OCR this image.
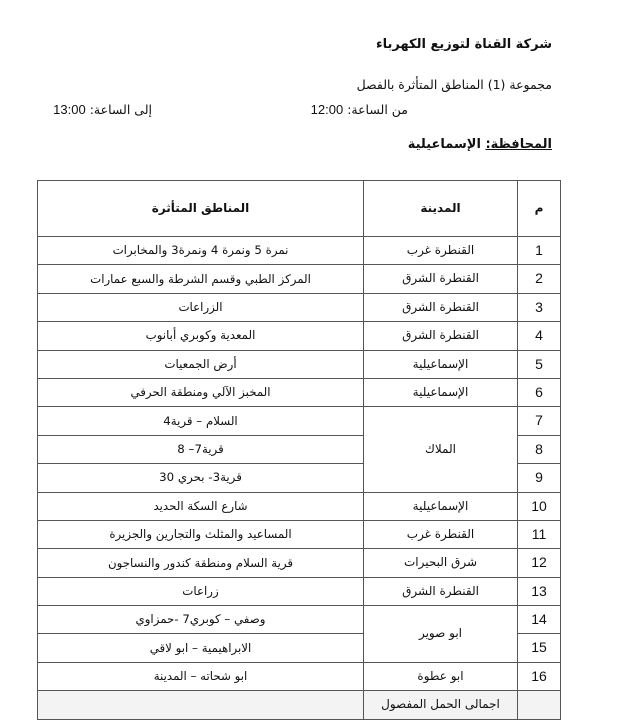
شركة القناة لتوزيع الكهرباء
مجموعة (1) المناطق المتأثرة بالفصل
من الساعة: 12:00
إلى الساعة: 13:00
المحافظة: الإسماعيلية
م	المدينة	المناطق المتأثرة
1	القنطرة غرب	نمرة 5 ونمرة 4 ونمرة3 والمخابرات
2	القنطرة الشرق	المركز الطبي وقسم الشرطة والسبع عمارات
3	القنطرة الشرق	الزراعات
4	القنطرة الشرق	المعدية وكوبري أبانوب
5	الإسماعيلية	أرض الجمعيات
6	الإسماعيلية	المخبز الآلي ومنطقة الحرفي
7	الملاك	السلام – قرية4
8		قرية7– 8
9		قرية3- بحري 30
10	الإسماعيلية	شارع السكة الحديد
11	القنطرة غرب	المساعيد والمثلث والتجارين والجزيرة
12	شرق البحيرات	قرية السلام ومنطقة كندور والنساجون
13	القنطرة الشرق	زراعات
14	ابو صوير	وصفي – كوبري7 -حمزاوي
15		الابراهيمية – ابو لاقي
16	ابو عطوة	ابو شحاته – المدينة
	اجمالى الحمل المفصول	
